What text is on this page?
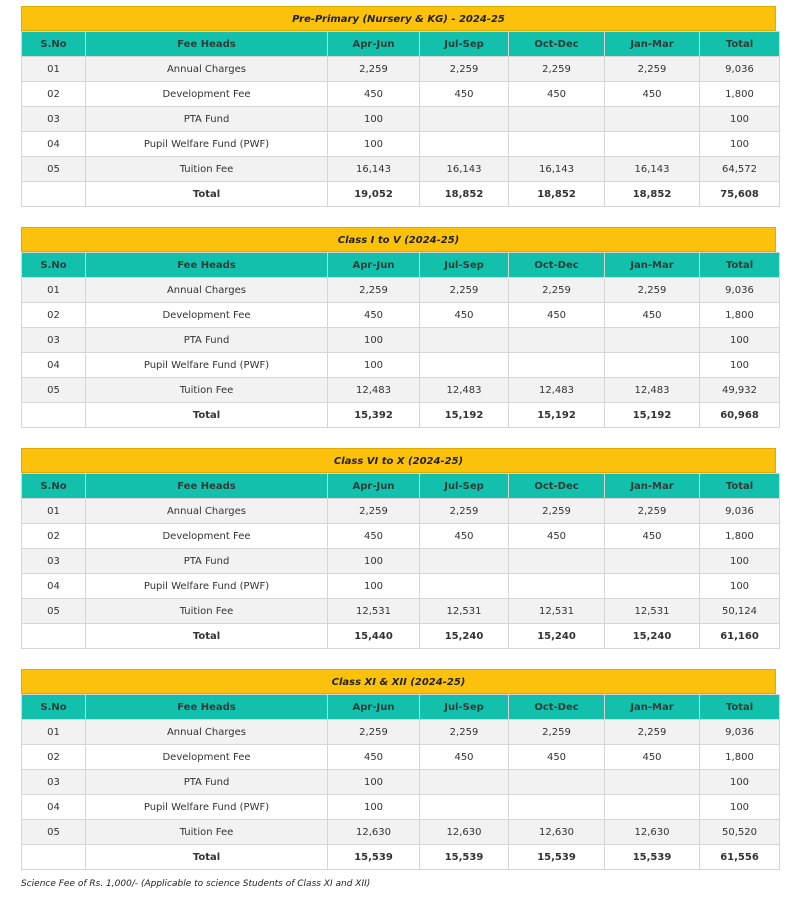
Pre-Primary (Nursery & KG) - 2024-25
S.No	Fee Heads	Apr-Jun	Jul-Sep	Oct-Dec	Jan-Mar	Total
01	Annual Charges	2,259	2,259	2,259	2,259	9,036
02	Development Fee	450	450	450	450	1,800
03	PTA Fund	100				100
04	Pupil Welfare Fund (PWF)	100				100
05	Tuition Fee	16,143	16,143	16,143	16,143	64,572
	Total	19,052	18,852	18,852	18,852	75,608
Class I to V (2024-25)
S.No	Fee Heads	Apr-Jun	Jul-Sep	Oct-Dec	Jan-Mar	Total
01	Annual Charges	2,259	2,259	2,259	2,259	9,036
02	Development Fee	450	450	450	450	1,800
03	PTA Fund	100				100
04	Pupil Welfare Fund (PWF)	100				100
05	Tuition Fee	12,483	12,483	12,483	12,483	49,932
	Total	15,392	15,192	15,192	15,192	60,968
Class VI to X (2024-25)
S.No	Fee Heads	Apr-Jun	Jul-Sep	Oct-Dec	Jan-Mar	Total
01	Annual Charges	2,259	2,259	2,259	2,259	9,036
02	Development Fee	450	450	450	450	1,800
03	PTA Fund	100				100
04	Pupil Welfare Fund (PWF)	100				100
05	Tuition Fee	12,531	12,531	12,531	12,531	50,124
	Total	15,440	15,240	15,240	15,240	61,160
Class XI & XII (2024-25)
S.No	Fee Heads	Apr-Jun	Jul-Sep	Oct-Dec	Jan-Mar	Total
01	Annual Charges	2,259	2,259	2,259	2,259	9,036
02	Development Fee	450	450	450	450	1,800
03	PTA Fund	100				100
04	Pupil Welfare Fund (PWF)	100				100
05	Tuition Fee	12,630	12,630	12,630	12,630	50,520
	Total	15,539	15,539	15,539	15,539	61,556
Science Fee of Rs. 1,000/- (Applicable to science Students of Class XI and XII)
